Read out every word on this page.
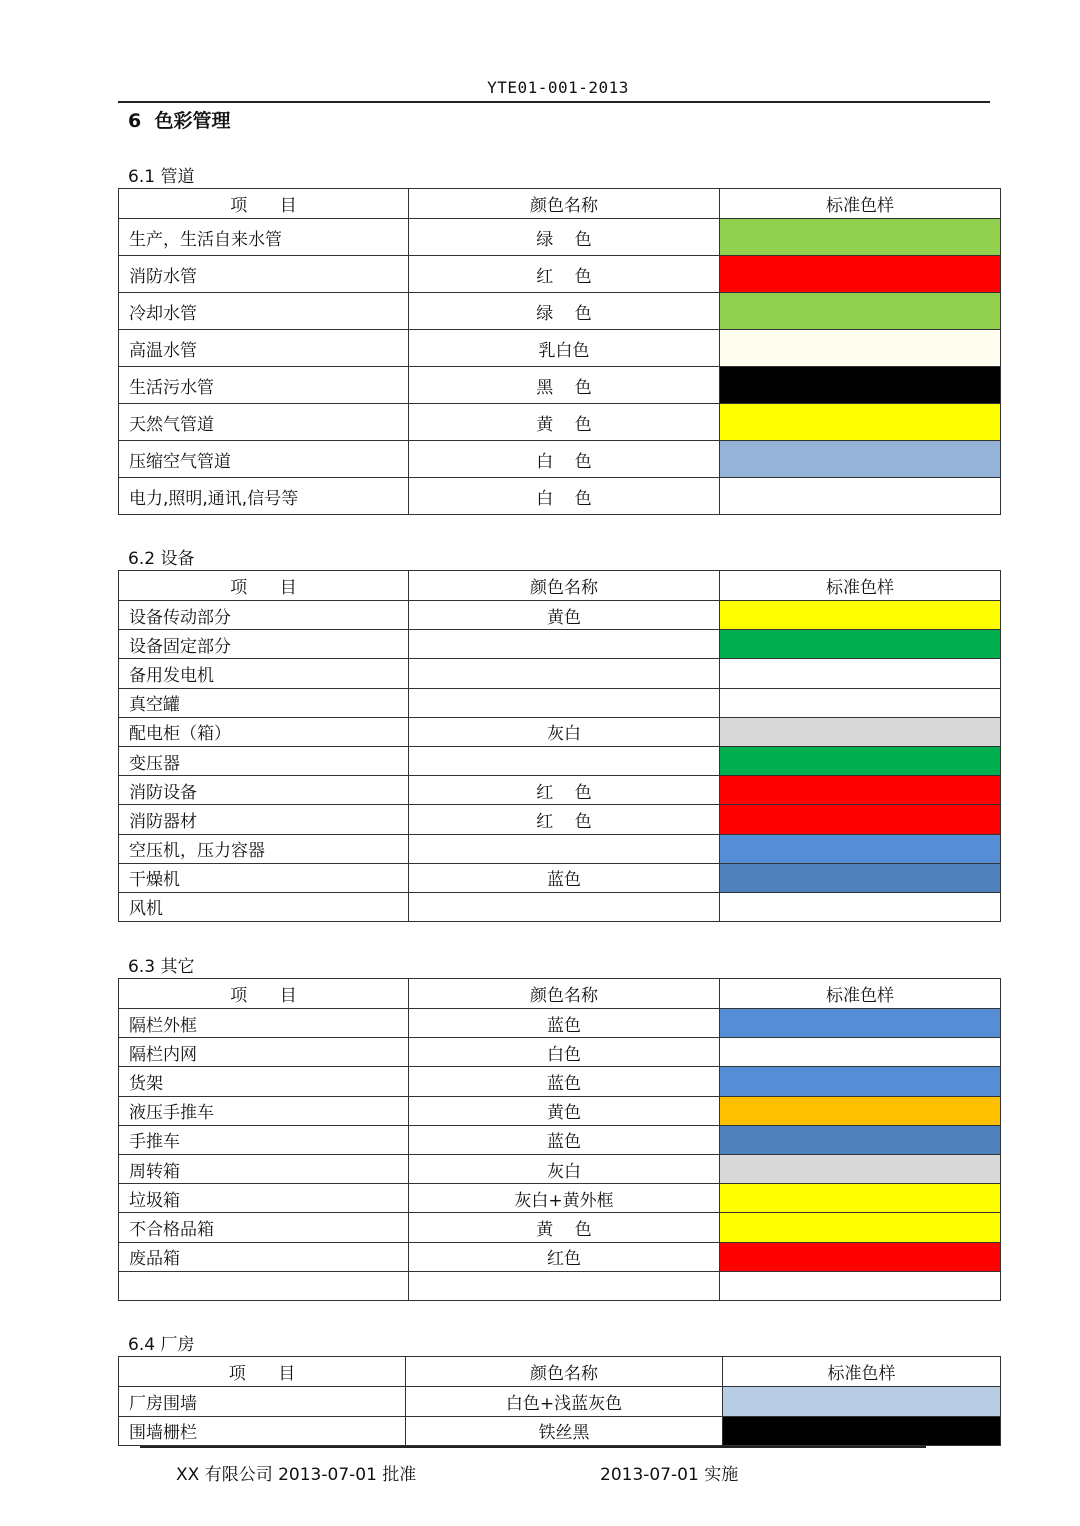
YTE01-001-2013
6  色彩管理
6.1 管道
项      目	颜色名称	标准色样
生产，生活自来水管	绿    色	
消防水管	红    色	
冷却水管	绿    色	
高温水管	乳白色	
生活污水管	黑    色	
天然气管道	黄    色	
压缩空气管道	白    色	
电力,照明,通讯,信号等	白    色	
6.2 设备
项      目	颜色名称	标准色样
设备传动部分	黄色	
设备固定部分		
备用发电机		
真空罐		
配电柜（箱）	灰白	
变压器		
消防设备	红    色	
消防器材	红    色	
空压机，压力容器		
干燥机	蓝色	
风机		
6.3 其它
项      目	颜色名称	标准色样
隔栏外框	蓝色	
隔栏内网	白色	
货架	蓝色	
液压手推车	黄色	
手推车	蓝色	
周转箱	灰白	
垃圾箱	灰白+黄外框	
不合格品箱	黄    色	
废品箱	红色	

6.4 厂房
项      目	颜色名称	标准色样
厂房围墙	白色+浅蓝灰色	
围墙栅栏	铁丝黑	
XX 有限公司 2013-07-01 批准	2013-07-01 实施
